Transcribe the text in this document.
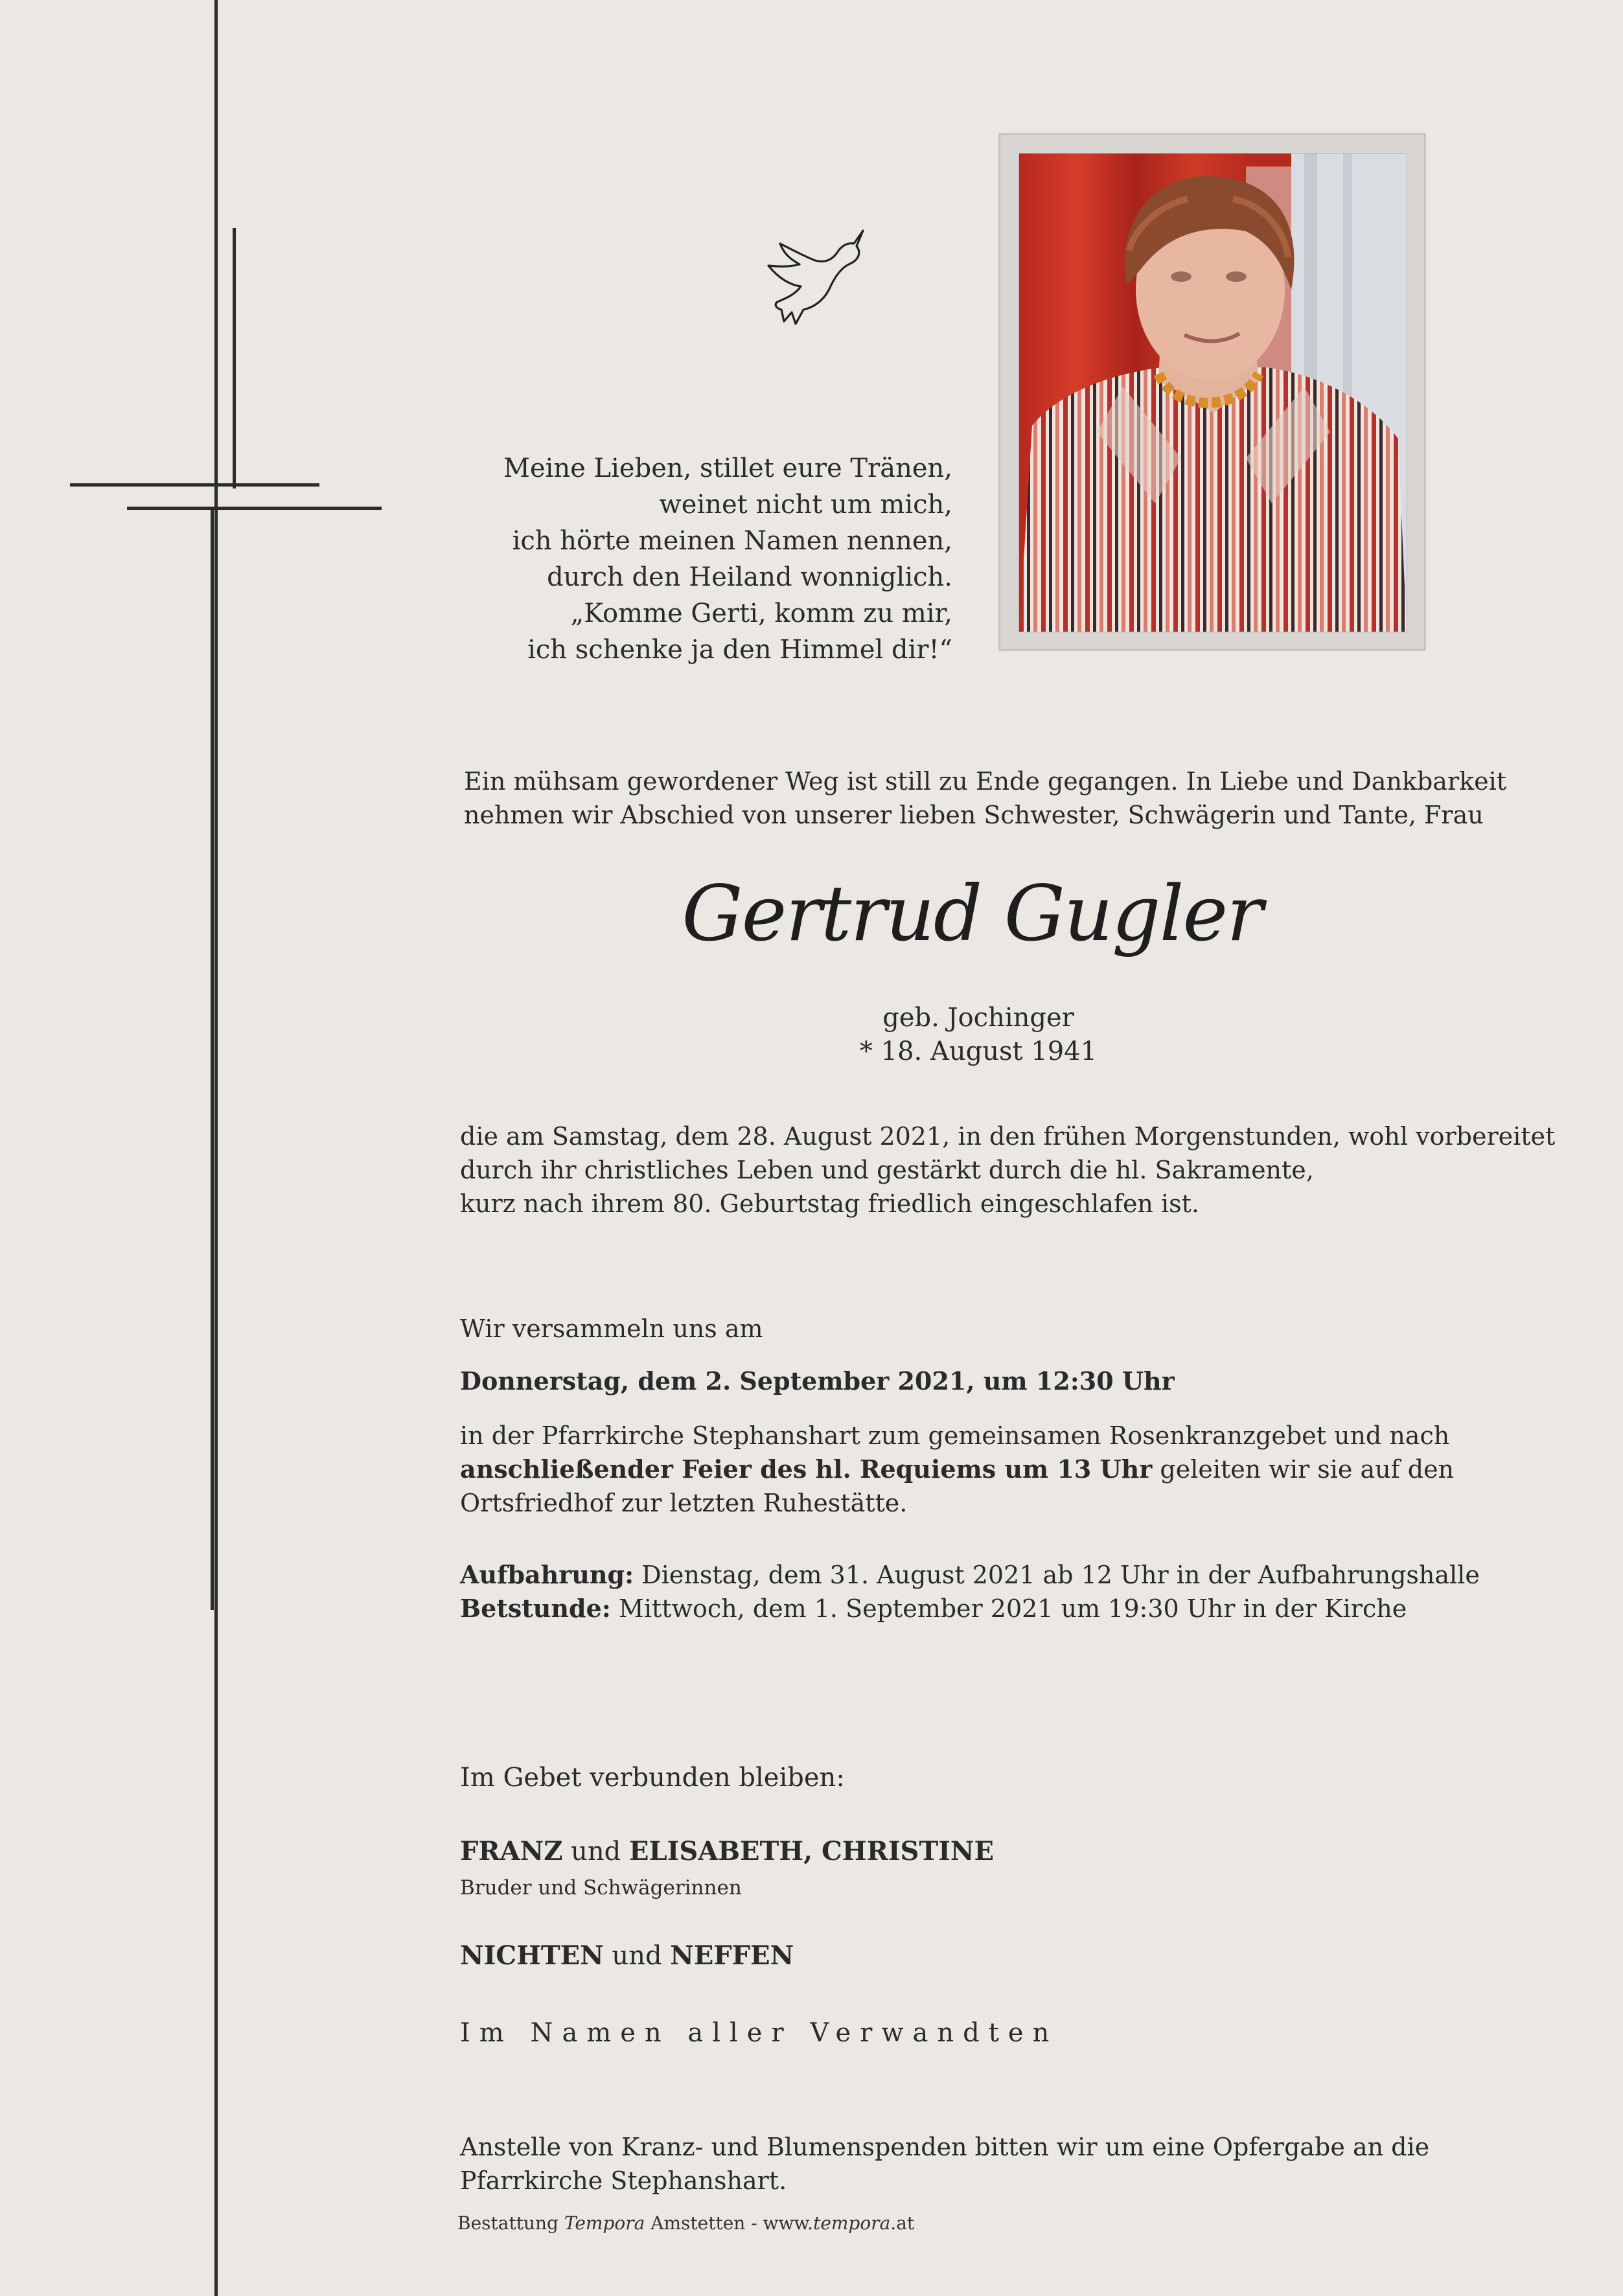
Meine Lieben, stillet eure Tränen,
weinet nicht um mich,
ich hörte meinen Namen nennen,
durch den Heiland wonniglich.
„Komme Gerti, komm zu mir,
ich schenke ja den Himmel dir!“
Ein mühsam gewordener Weg ist still zu Ende gegangen. In Liebe und Dankbarkeit
nehmen wir Abschied von unserer lieben Schwester, Schwägerin und Tante, Frau
Gertrud Gugler
geb. Jochinger
* 18. August 1941
die am Samstag, dem 28. August 2021, in den frühen Morgenstunden, wohl vorbereitet
durch ihr christliches Leben und gestärkt durch die hl. Sakramente,
kurz nach ihrem 80. Geburtstag friedlich eingeschlafen ist.
Wir versammeln uns am
Donnerstag, dem 2. September 2021, um 12:30 Uhr
in der Pfarrkirche Stephanshart zum gemeinsamen Rosenkranzgebet und nach
anschließender Feier des hl. Requiems um 13 Uhr geleiten wir sie auf den
Ortsfriedhof zur letzten Ruhestätte.
Aufbahrung: Dienstag, dem 31. August 2021 ab 12 Uhr in der Aufbahrungshalle
Betstunde: Mittwoch, dem 1. September 2021 um 19:30 Uhr in der Kirche
Im Gebet verbunden bleiben:
FRANZ und ELISABETH, CHRISTINE
Bruder und Schwägerinnen
NICHTEN und NEFFEN
Im Namen aller Verwandten
Anstelle von Kranz- und Blumenspenden bitten wir um eine Opfergabe an die
Pfarrkirche Stephanshart.
Bestattung Tempora Amstetten - www.tempora.at
